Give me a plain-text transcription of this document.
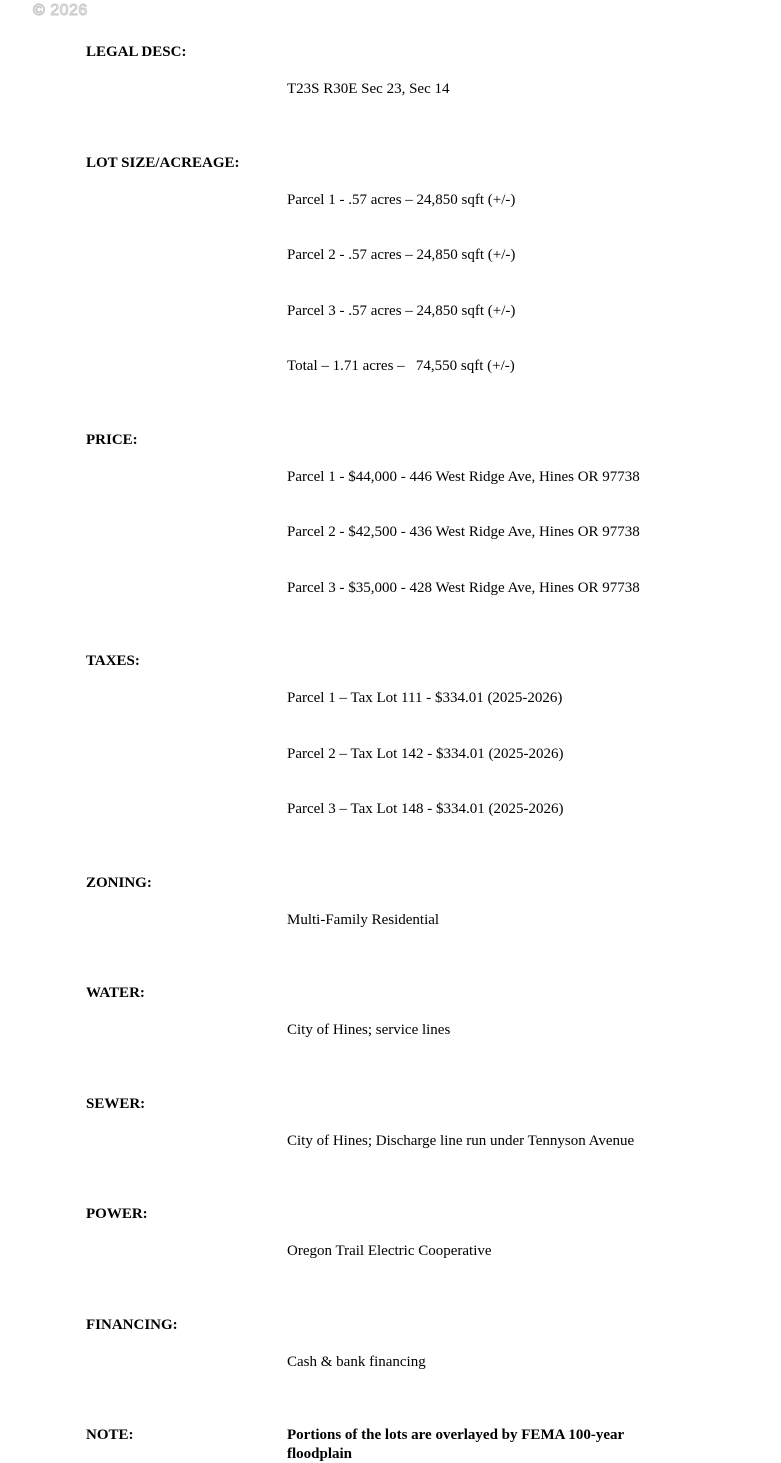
© 2026
LEGAL DESC:

T23S R30E Sec 23, Sec 14

LOT SIZE/ACREAGE:

Parcel 1 - .57 acres – 24,850 sqft (+/-)

Parcel 2 - .57 acres – 24,850 sqft (+/-)

Parcel 3 - .57 acres – 24,850 sqft (+/-)

Total – 1.71 acres –   74,550 sqft (+/-)

PRICE:

Parcel 1 - $44,000 - 446 West Ridge Ave, Hines OR 97738

Parcel 2 - $42,500 - 436 West Ridge Ave, Hines OR 97738

Parcel 3 - $35,000 - 428 West Ridge Ave, Hines OR 97738

TAXES:

Parcel 1 – Tax Lot 111 - $334.01 (2025-2026)

Parcel 2 – Tax Lot 142 - $334.01 (2025-2026)

Parcel 3 – Tax Lot 148 - $334.01 (2025-2026)

ZONING:

Multi-Family Residential

WATER:

City of Hines; service lines

SEWER:

City of Hines; Discharge line run under Tennyson Avenue

POWER:

Oregon Trail Electric Cooperative

FINANCING:

Cash & bank financing

NOTE:	Portions of the lots are overlayed by FEMA 100-year floodplain
